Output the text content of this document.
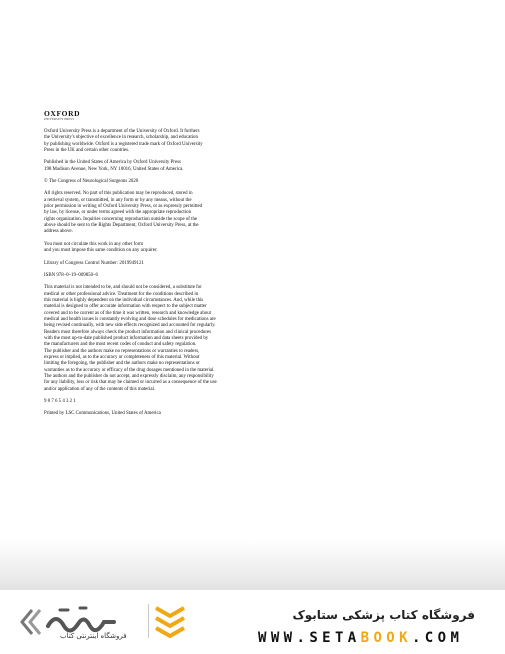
OXFORD
UNIVERSITY PRESS

Oxford University Press is a department of the University of Oxford. It furthers
the University's objective of excellence in research, scholarship, and education
by publishing worldwide. Oxford is a registered trade mark of Oxford University
Press in the UK and certain other countries.

Published in the United States of America by Oxford University Press
198 Madison Avenue, New York, NY 10016, United States of America.

© The Congress of Neurological Surgeons 2020

All rights reserved. No part of this publication may be reproduced, stored in
a retrieval system, or transmitted, in any form or by any means, without the
prior permission in writing of Oxford University Press, or as expressly permitted
by law, by license, or under terms agreed with the appropriate reproduction
rights organization. Inquiries concerning reproduction outside the scope of the
above should be sent to the Rights Department, Oxford University Press, at the
address above.

You must not circulate this work in any other form
and you must impose this same condition on any acquirer.

Library of Congress Control Number: 2019949121

ISBN 978–0–19–009850–6

This material is not intended to be, and should not be considered, a substitute for
medical or other professional advice. Treatment for the conditions described in
this material is highly dependent on the individual circumstances. And, while this
material is designed to offer accurate information with respect to the subject matter
covered and to be current as of the time it was written, research and knowledge about
medical and health issues is constantly evolving and dose schedules for medications are
being revised continually, with new side effects recognized and accounted for regularly.
Readers must therefore always check the product information and clinical procedures
with the most up-to-date published product information and data sheets provided by
the manufacturers and the most recent codes of conduct and safety regulation.
The publisher and the authors make no representations or warranties to readers,
express or implied, as to the accuracy or completeness of this material. Without
limiting the foregoing, the publisher and the authors make no representations or
warranties as to the accuracy or efficacy of the drug dosages mentioned in the material.
The authors and the publisher do not accept, and expressly disclaim, any responsibility
for any liability, loss or risk that may be claimed or incurred as a consequence of the use
and/or application of any of the contents of this material.

9 8 7 6 5 4 3 2 1

Printed by LSC Communications, United States of America

فروشگاه اینترنتی کتاب
فروشگاه کتاب پزشکی ستابوک
WWW.SETABOOK.COM
